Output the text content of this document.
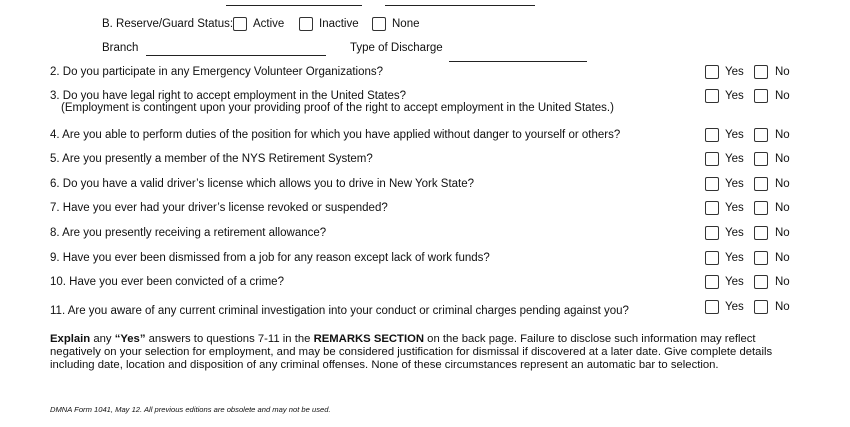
B. Reserve/Guard Status: Active	Inactive	None
Branch	Type of Discharge
2. Do you participate in any Emergency Volunteer Organizations?	Yes	No
3. Do you have legal right to accept employment in the United States?
(Employment is contingent upon your providing proof of the right to accept employment in the United States.)
Yes	No
4. Are you able to perform duties of the position for which you have applied without danger to yourself or others?	Yes	No
5. Are you presently a member of the NYS Retirement System?	Yes	No
6. Do you have a valid driver’s license which allows you to drive in New York State?	Yes	No
7. Have you ever had your driver’s license revoked or suspended?	Yes	No
8. Are you presently receiving a retirement allowance?	Yes	No
9. Have you ever been dismissed from a job for any reason except lack of work funds?	Yes	No
10. Have you ever been convicted of a crime?	Yes	No
11. Are you aware of any current criminal investigation into your conduct or criminal charges pending against you?	Yes	No
Explain any “Yes” answers to questions 7-11 in the REMARKS SECTION on the back page. Failure to disclose such information may reflect negatively on your selection for employment, and may be considered justification for dismissal if discovered at a later date. Give complete details including date, location and disposition of any criminal offenses. None of these circumstances represent an automatic bar to selection.
DMNA Form 1041, May 12. All previous editions are obsolete and may not be used.
